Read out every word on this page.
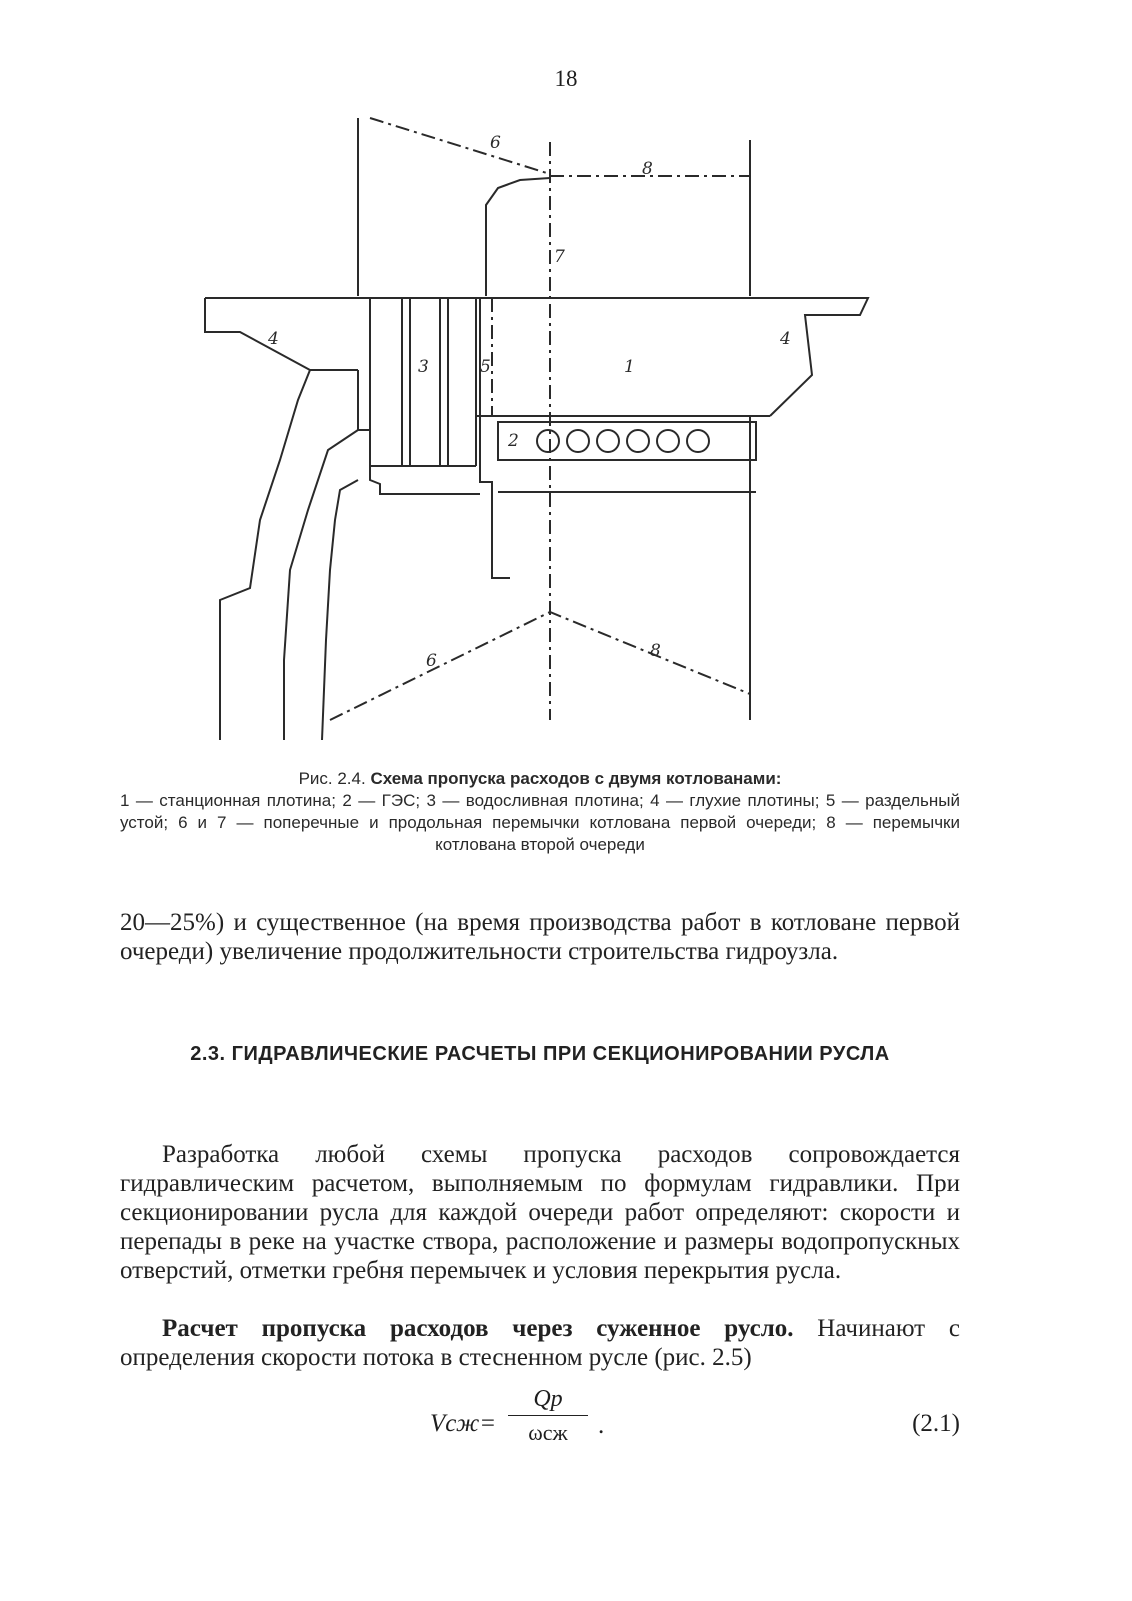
18
4	4
3	5	1
2
6
8
7
6	8
Рис. 2.4. Схема пропуска расходов с двумя котлованами:
1 — станционная плотина; 2 — ГЭС; 3 — водосливная плотина; 4 — глухие плотины; 5 — раздельный устой; 6 и 7 — поперечные и продольная перемычки котлована первой очереди; 8 — перемычки котлована второй очереди
20—25%) и существенное (на время производства работ в котловане первой очереди) увеличение продолжительности строительства гидроузла.
2.3. ГИДРАВЛИЧЕСКИЕ РАСЧЕТЫ ПРИ СЕКЦИОНИРОВАНИИ РУСЛА
Разработка любой схемы пропуска расходов сопровождается гидравлическим расчетом, выполняемым по формулам гидравлики. При секционировании русла для каждой очереди работ определяют: скорости и перепады в реке на участке створа, расположение и размеры водопропускных отверстий, отметки гребня перемычек и условия перекрытия русла.
Расчет пропуска расходов через суженное русло. Начинают с определения скорости потока в стесненном русле (рис. 2.5)
Vсж=
Qp
ωсж	.	(2.1)
